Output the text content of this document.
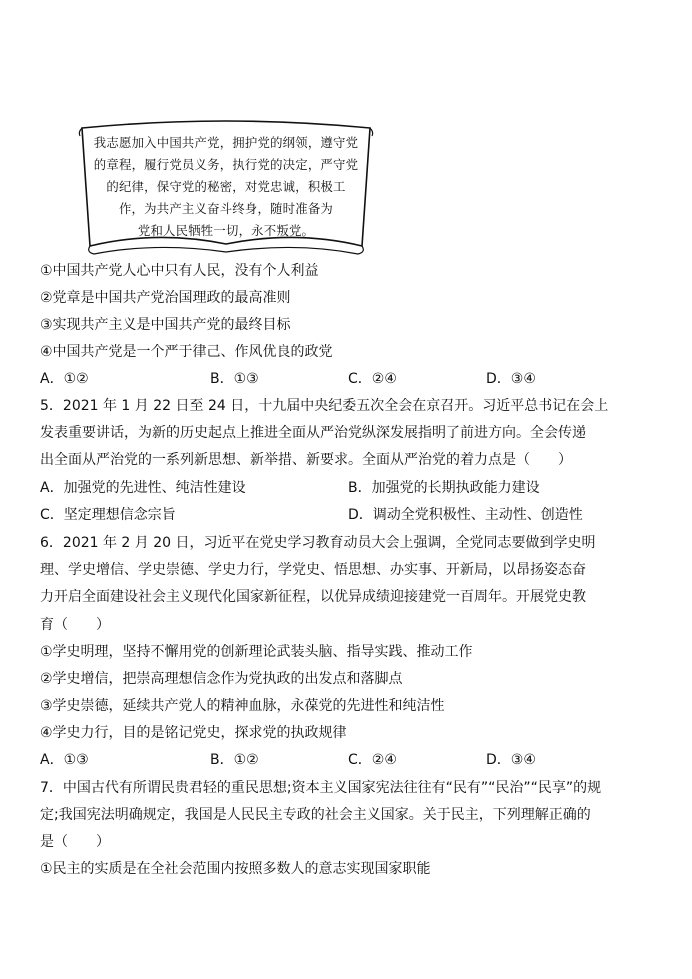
我志愿加入中国共产党，拥护党的纲领，遵守党
的章程，履行党员义务，执行党的决定，严守党
的纪律，保守党的秘密，对党忠诚，积极工
作，为共产主义奋斗终身，随时准备为
党和人民牺牲一切，永不叛党。
①中国共产党人心中只有人民，没有个人利益
②党章是中国共产党治国理政的最高准则
③实现共产主义是中国共产党的最终目标
④中国共产党是一个严于律己、作风优良的政党
A．①②	B．①③	C．②④	D．③④
5．2021 年 1 月 22 日至 24 日，十九届中央纪委五次全会在京召开。习近平总书记在会上
发表重要讲话，为新的历史起点上推进全面从严治党纵深发展指明了前进方向。全会传递
出全面从严治党的一系列新思想、新举措、新要求。全面从严治党的着力点是（　　）
A．加强党的先进性、纯洁性建设	B．加强党的长期执政能力建设
C．坚定理想信念宗旨	D．调动全党积极性、主动性、创造性
6．2021 年 2 月 20 日，习近平在党史学习教育动员大会上强调，全党同志要做到学史明
理、学史增信、学史崇德、学史力行，学党史、悟思想、办实事、开新局，以昂扬姿态奋
力开启全面建设社会主义现代化国家新征程，以优异成绩迎接建党一百周年。开展党史教
育（　　）
①学史明理，坚持不懈用党的创新理论武装头脑、指导实践、推动工作
②学史增信，把崇高理想信念作为党执政的出发点和落脚点
③学史崇德，延续共产党人的精神血脉，永葆党的先进性和纯洁性
④学史力行，目的是铭记党史，探求党的执政规律
A．①③	B．①②	C．②④	D．③④
7．中国古代有所谓民贵君轻的重民思想;资本主义国家宪法往往有“民有”“民治”“民享”的规
定;我国宪法明确规定，我国是人民民主专政的社会主义国家。关于民主，下列理解正确的
是（　　）
①民主的实质是在全社会范围内按照多数人的意志实现国家职能
